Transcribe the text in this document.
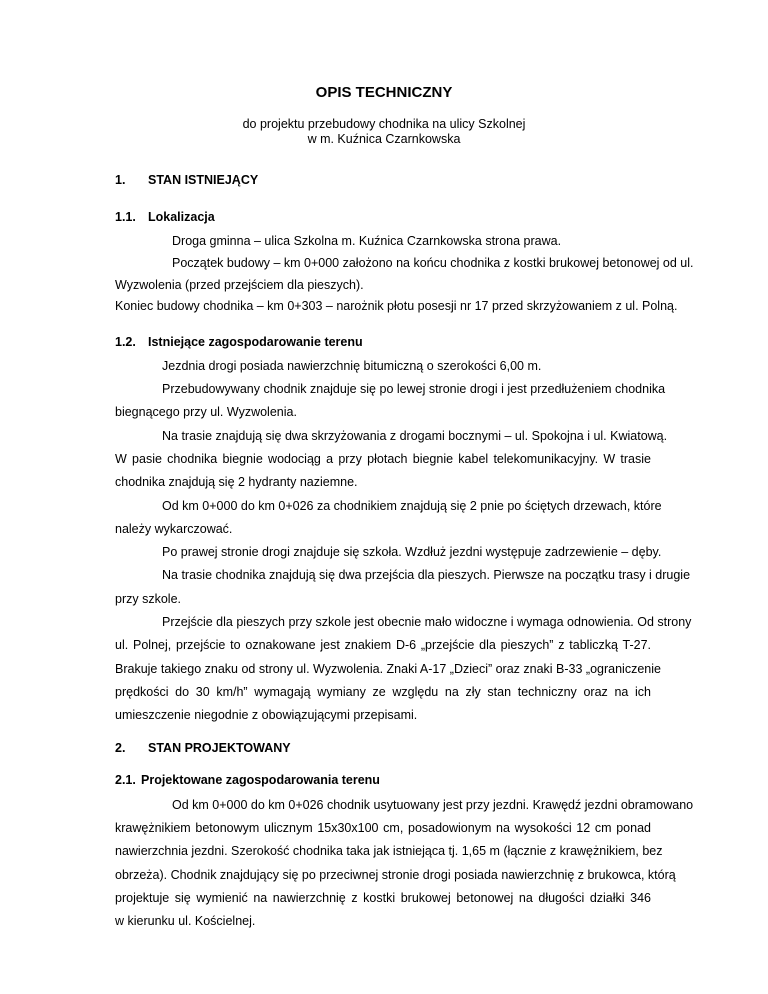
OPIS TECHNICZNY
do projektu przebudowy chodnika na ulicy Szkolnej
w m. Kuźnica Czarnkowska
1. STAN ISTNIEJĄCY
1.1. Lokalizacja
Droga gminna – ulica Szkolna m. Kuźnica Czarnkowska strona prawa.
Początek budowy – km 0+000 założono na końcu chodnika z kostki brukowej betonowej od ul.
Wyzwolenia (przed przejściem dla pieszych).
Koniec budowy chodnika – km 0+303 – narożnik płotu posesji nr 17 przed skrzyżowaniem z ul. Polną.
1.2. Istniejące zagospodarowanie terenu
Jezdnia drogi posiada nawierzchnię bitumiczną o szerokości 6,00 m.
Przebudowywany chodnik znajduje się po lewej stronie drogi i jest przedłużeniem chodnika
biegnącego przy ul. Wyzwolenia.
Na trasie znajdują się dwa skrzyżowania z drogami bocznymi – ul. Spokojna i ul. Kwiatową.
W pasie chodnika biegnie wodociąg a przy płotach biegnie kabel telekomunikacyjny. W trasie
chodnika znajdują się 2 hydranty naziemne.
Od km 0+000 do km 0+026 za chodnikiem znajdują się 2 pnie po ściętych drzewach, które
należy wykarczować.
Po prawej stronie drogi znajduje się szkoła. Wzdłuż jezdni występuje zadrzewienie – dęby.
Na trasie chodnika znajdują się dwa przejścia dla pieszych. Pierwsze na początku trasy i drugie
przy szkole.
Przejście dla pieszych przy szkole jest obecnie mało widoczne i wymaga odnowienia. Od strony
ul. Polnej, przejście to oznakowane jest znakiem D-6 „przejście dla pieszych” z tabliczką T-27.
Brakuje takiego znaku od strony ul. Wyzwolenia. Znaki A-17 „Dzieci” oraz znaki B-33 „ograniczenie
prędkości do 30 km/h” wymagają wymiany ze względu na zły stan techniczny oraz na ich
umieszczenie niegodnie z obowiązującymi przepisami.
2. STAN PROJEKTOWANY
2.1. Projektowane zagospodarowania terenu
Od km 0+000 do km 0+026 chodnik usytuowany jest przy jezdni. Krawędź jezdni obramowano
krawężnikiem betonowym ulicznym 15x30x100 cm, posadowionym na wysokości 12 cm ponad
nawierzchnia jezdni. Szerokość chodnika taka jak istniejąca tj. 1,65 m (łącznie z krawężnikiem, bez
obrzeża). Chodnik znajdujący się po przeciwnej stronie drogi posiada nawierzchnię z brukowca, którą
projektuje się wymienić na nawierzchnię z kostki brukowej betonowej na długości działki 346
w kierunku ul. Kościelnej.
